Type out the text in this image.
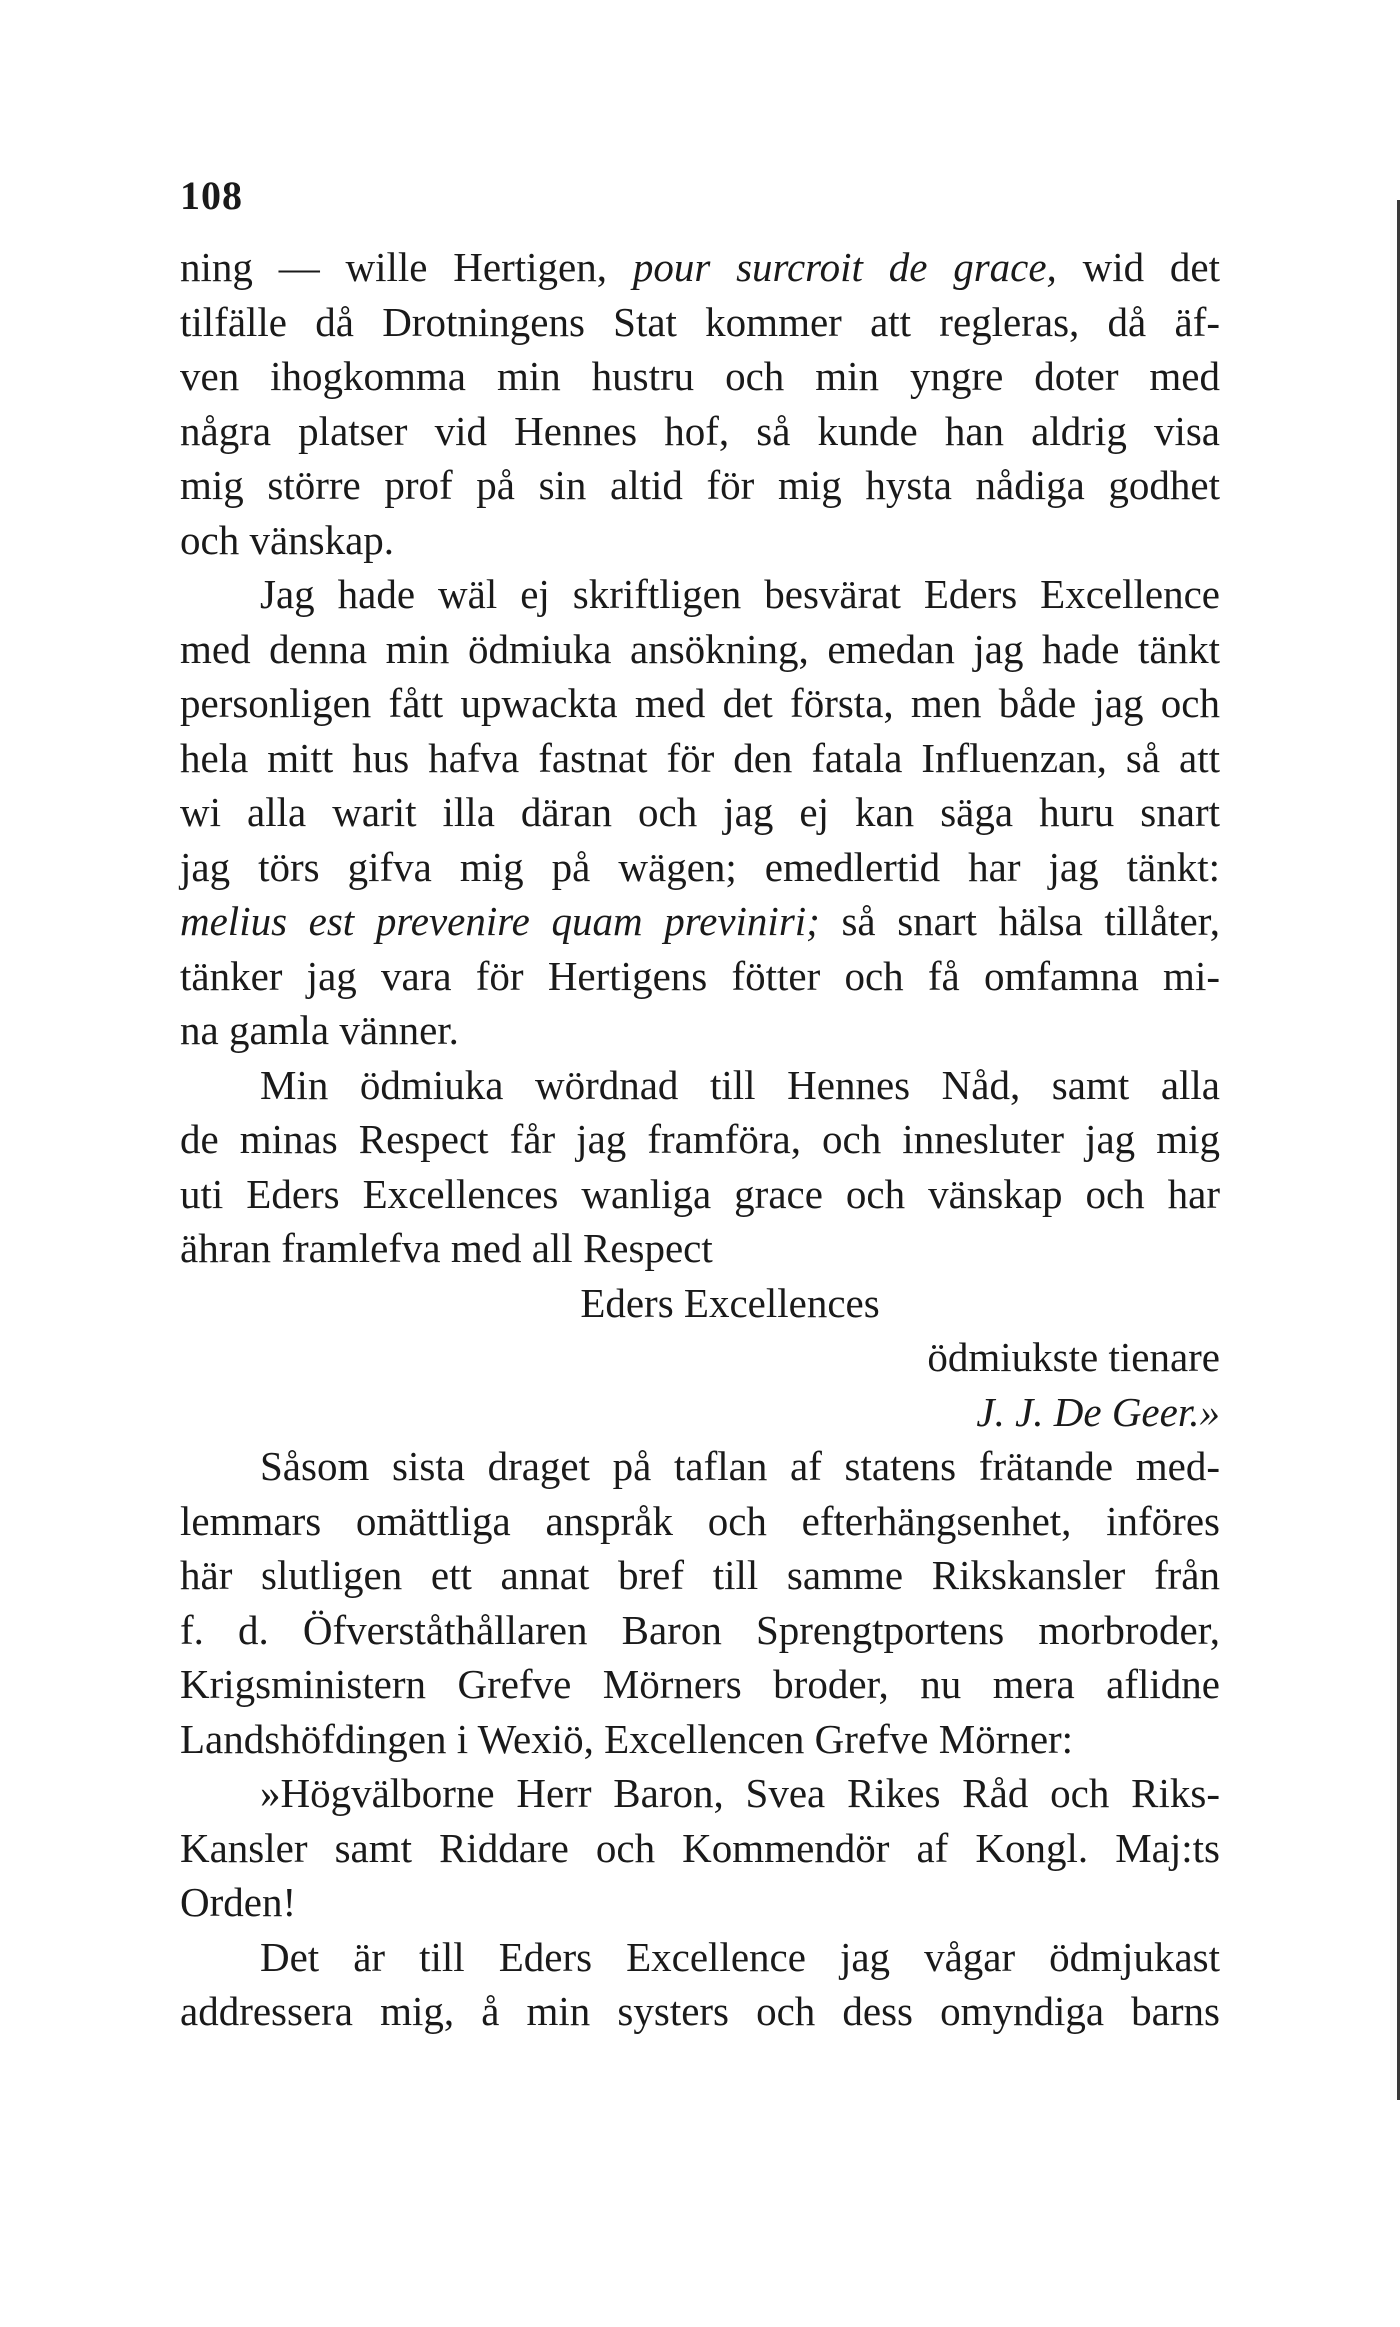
108
ning — wille Hertigen, pour surcroit de grace, wid det
tilfälle då Drotningens Stat kommer att regleras, då äf-
ven ihogkomma min hustru och min yngre doter med
några platser vid Hennes hof, så kunde han aldrig visa
mig större prof på sin altid för mig hysta nådiga godhet
och vänskap.
Jag hade wäl ej skriftligen besvärat Eders Excellence
med denna min ödmiuka ansökning, emedan jag hade tänkt
personligen fått upwackta med det första, men både jag och
hela mitt hus hafva fastnat för den fatala Influenzan, så att
wi alla warit illa däran och jag ej kan säga huru snart
jag törs gifva mig på wägen; emedlertid har jag tänkt:
melius est prevenire quam previniri; så snart hälsa tillåter,
tänker jag vara för Hertigens fötter och få omfamna mi-
na gamla vänner.
Min ödmiuka wördnad till Hennes Nåd, samt alla
de minas Respect får jag framföra, och innesluter jag mig
uti Eders Excellences wanliga grace och vänskap och har
ähran framlefva med all Respect
Eders Excellences
ödmiukste tienare
J. J. De Geer.»
Såsom sista draget på taflan af statens frätande med-
lemmars omättliga anspråk och efterhängsenhet, införes
här slutligen ett annat bref till samme Rikskansler från
f. d. Öfverståthållaren Baron Sprengtportens morbroder,
Krigsministern Grefve Mörners broder, nu mera aflidne
Landshöfdingen i Wexiö, Excellencen Grefve Mörner:
»Högvälborne Herr Baron, Svea Rikes Råd och Riks-
Kansler samt Riddare och Kommendör af Kongl. Maj:ts
Orden!
Det är till Eders Excellence jag vågar ödmjukast
addressera mig, å min systers och dess omyndiga barns
